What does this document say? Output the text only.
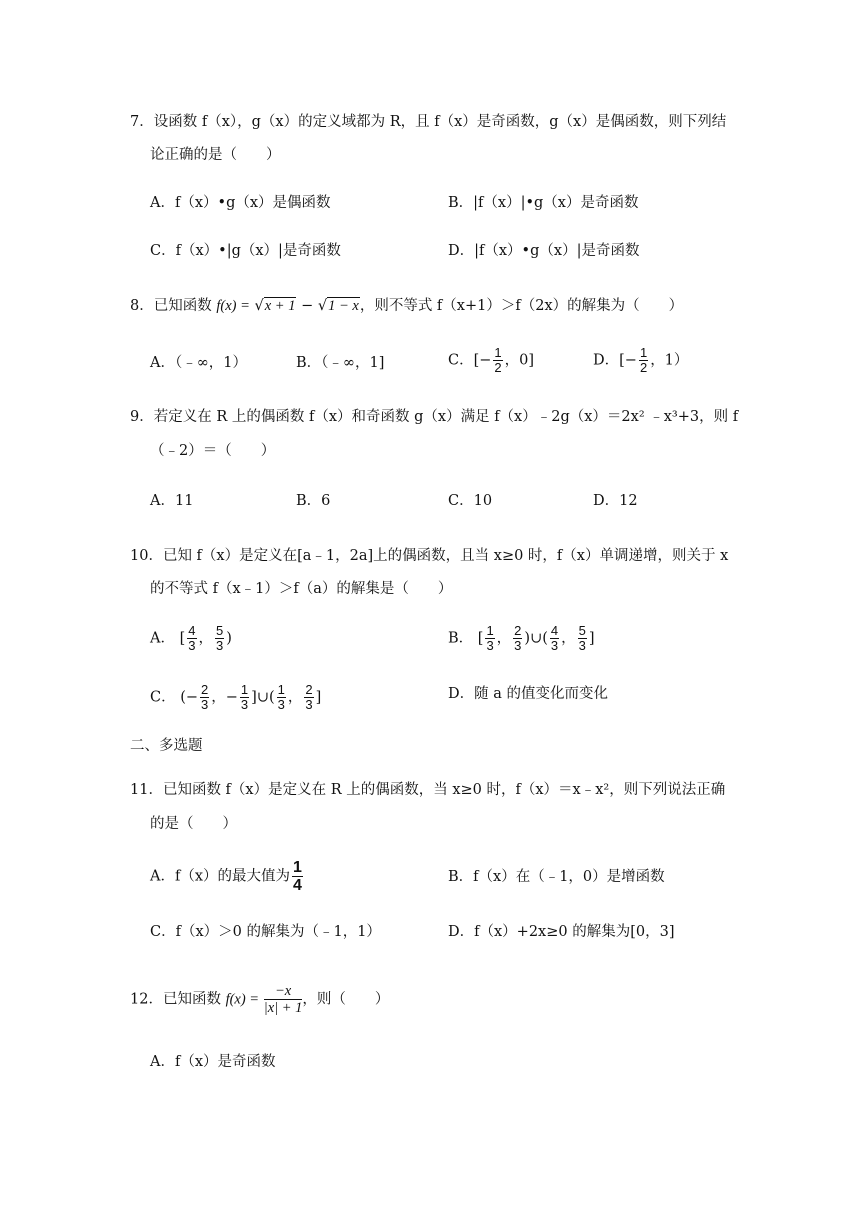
7．设函数 f（x），g（x）的定义域都为 R，且 f（x）是奇函数，g（x）是偶函数，则下列结
论正确的是（　　）
A．f（x）•g（x）是偶函数	B．|f（x）|•g（x）是奇函数
C．f（x）•|g（x）|是奇函数	D．|f（x）•g（x）|是奇函数
8．已知函数 f(x) = √x + 1 − √1 − x，则不等式 f（x+1）＞f（2x）的解集为（　　）
A．（﹣∞，1）	B．（﹣∞，1]	C．[− $\frac{1}{2}$ ，0]	D．[− $\frac{1}{2}$ ，1）
9．若定义在 R 上的偶函数 f（x）和奇函数 g（x）满足 f（x）﹣2g（x）＝2x² ﹣x³+3，则 f
（﹣2）＝（　　）
A．11	B．6	C．10	D．12
10．已知 f（x）是定义在[a﹣1，2a]上的偶函数，且当 x≥0 时，f（x）单调递增，则关于 x
的不等式 f（x﹣1）＞f（a）的解集是（　　）
A． [ $\frac{4}{3}$ ， $\frac{5}{3}$ )	B． [ $\frac{1}{3}$ ， $\frac{2}{3}$ )∪( $\frac{4}{3}$ ， $\frac{5}{3}$ ]
C． (− $\frac{2}{3}$ ，− $\frac{1}{3}$ ]∪( $\frac{1}{3}$ ， $\frac{2}{3}$ ]	D．随 a 的值变化而变化
二、多选题
11．已知函数 f（x）是定义在 R 上的偶函数，当 x≥0 时，f（x）＝x﹣x²，则下列说法正确
的是（　　）
A．f（x）的最大值为 $\frac{1}{4}$	B．f（x）在（﹣1，0）是增函数
C．f（x）＞0 的解集为（﹣1，1）	D．f（x）+2x≥0 的解集为[0，3]
12．已知函数 $f(x) = \frac{-x}{|x| + 1}$ ，则（　　）
A．f（x）是奇函数
